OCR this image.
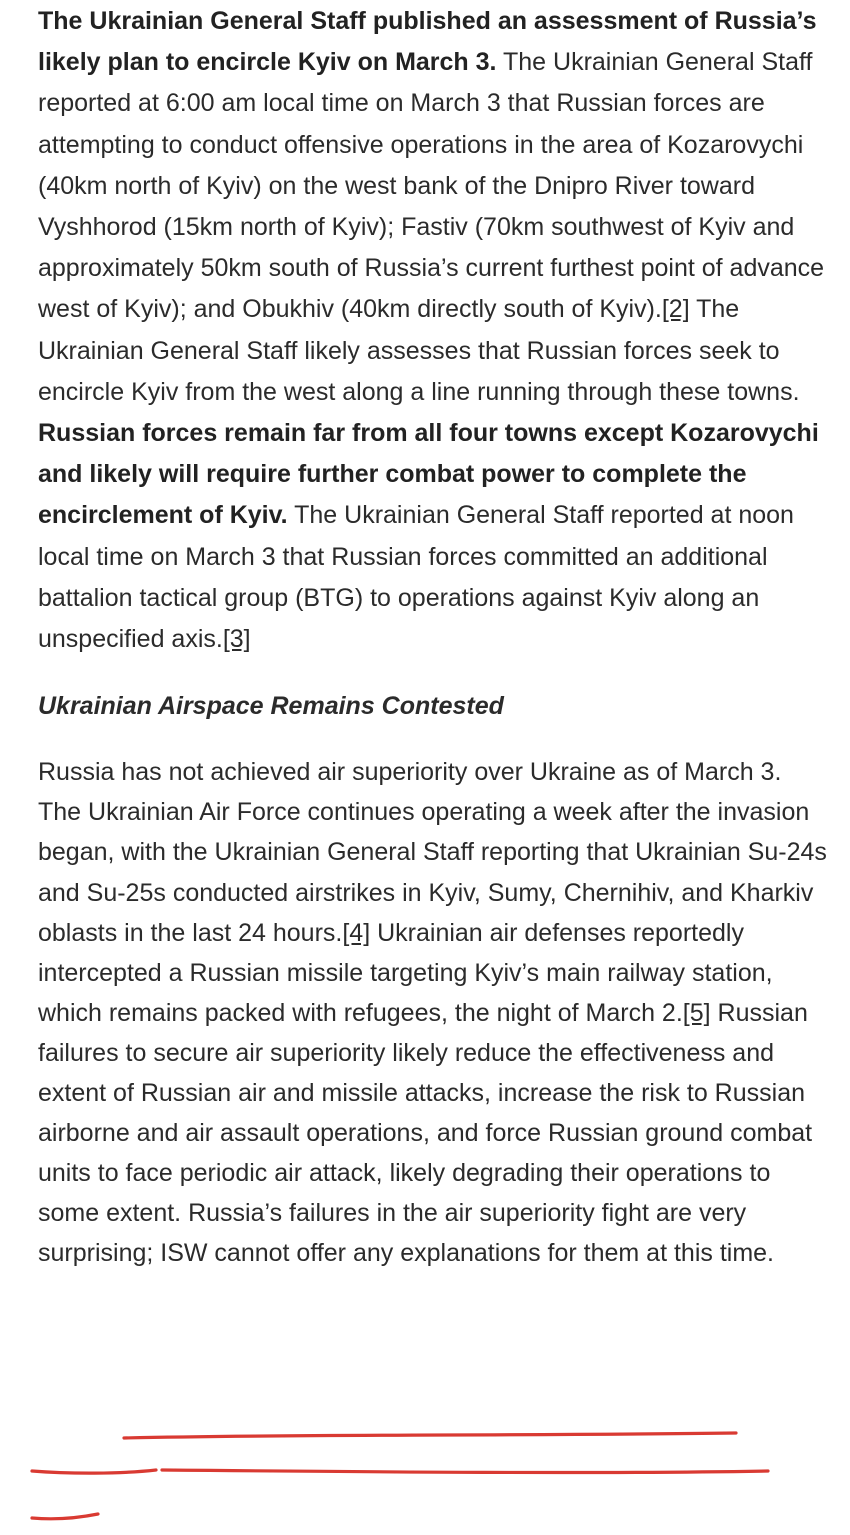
The Ukrainian General Staff published an assessment of Russia’s likely plan to encircle Kyiv on March 3. The Ukrainian General Staff reported at 6:00 am local time on March 3 that Russian forces are attempting to conduct offensive operations in the area of Kozarovychi (40km north of Kyiv) on the west bank of the Dnipro River toward Vyshhorod (15km north of Kyiv); Fastiv (70km southwest of Kyiv and approximately 50km south of Russia’s current furthest point of advance west of Kyiv); and Obukhiv (40km directly south of Kyiv).[2] The Ukrainian General Staff likely assesses that Russian forces seek to encircle Kyiv from the west along a line running through these towns. Russian forces remain far from all four towns except Kozarovychi and likely will require further combat power to complete the encirclement of Kyiv. The Ukrainian General Staff reported at noon local time on March 3 that Russian forces committed an additional battalion tactical group (BTG) to operations against Kyiv along an unspecified axis.[3]

Ukrainian Airspace Remains Contested

Russia has not achieved air superiority over Ukraine as of March 3. The Ukrainian Air Force continues operating a week after the invasion began, with the Ukrainian General Staff reporting that Ukrainian Su-24s and Su-25s conducted airstrikes in Kyiv, Sumy, Chernihiv, and Kharkiv oblasts in the last 24 hours.[4] Ukrainian air defenses reportedly intercepted a Russian missile targeting Kyiv’s main railway station, which remains packed with refugees, the night of March 2.[5] Russian failures to secure air superiority likely reduce the effectiveness and extent of Russian air and missile attacks, increase the risk to Russian airborne and air assault operations, and force Russian ground combat units to face periodic air attack, likely degrading their operations to some extent. Russia’s failures in the air superiority fight are very surprising; ISW cannot offer any explanations for them at this time.
